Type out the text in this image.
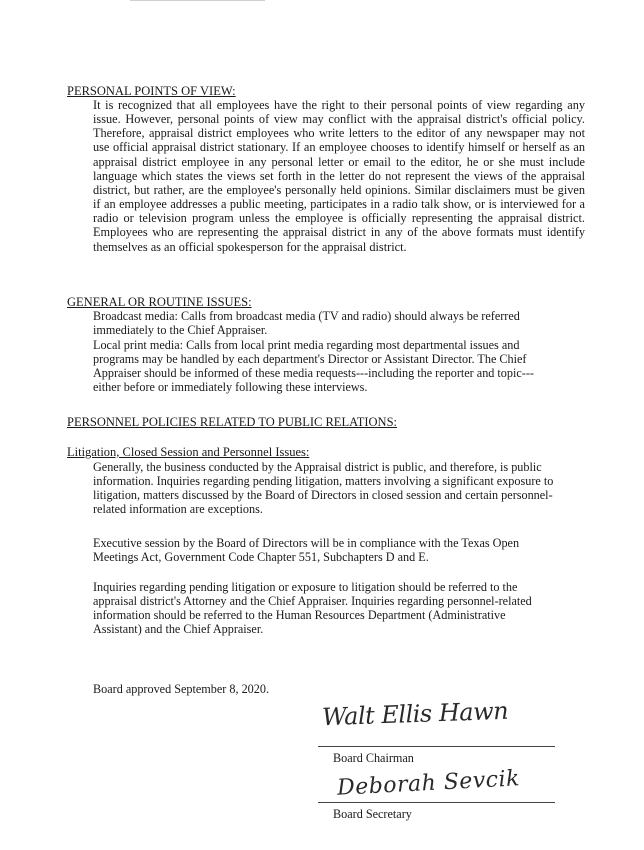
PERSONAL POINTS OF VIEW:

It is recognized that all employees have the right to their personal points of view regarding any issue. However, personal points of view may conflict with the appraisal district's official policy. Therefore, appraisal district employees who write letters to the editor of any newspaper may not use official appraisal district stationary. If an employee chooses to identify himself or herself as an appraisal district employee in any personal letter or email to the editor, he or she must include language which states the views set forth in the letter do not represent the views of the appraisal district, but rather, are the employee's personally held opinions. Similar disclaimers must be given if an employee addresses a public meeting, participates in a radio talk show, or is interviewed for a radio or television program unless the employee is officially representing the appraisal district. Employees who are representing the appraisal district in any of the above formats must identify themselves as an official spokesperson for the appraisal district.

GENERAL OR ROUTINE ISSUES:
Broadcast media: Calls from broadcast media (TV and radio) should always be referred
immediately to the Chief Appraiser.
Local print media: Calls from local print media regarding most departmental issues and
programs may be handled by each department's Director or Assistant Director. The Chief
Appraiser should be informed of these media requests---including the reporter and topic---
either before or immediately following these interviews.
PERSONNEL POLICIES RELATED TO PUBLIC RELATIONS:
Litigation, Closed Session and Personnel Issues:
Generally, the business conducted by the Appraisal district is public, and therefore, is public
information. Inquiries regarding pending litigation, matters involving a significant exposure to
litigation, matters discussed by the Board of Directors in closed session and certain personnel-
related information are exceptions.
Executive session by the Board of Directors will be in compliance with the Texas Open
Meetings Act, Government Code Chapter 551, Subchapters D and E.
Inquiries regarding pending litigation or exposure to litigation should be referred to the
appraisal district's Attorney and the Chief Appraiser. Inquiries regarding personnel-related
information should be referred to the Human Resources Department (Administrative
Assistant) and the Chief Appraiser.

Board approved September 8, 2020.

Walt Ellis Hawn
Board Chairman
Deborah Sevcik
Board Secretary
